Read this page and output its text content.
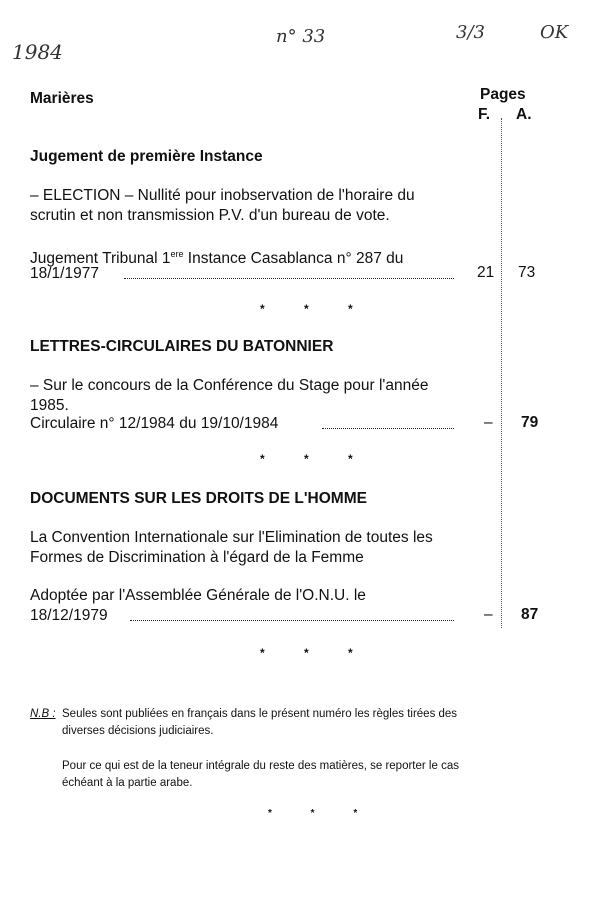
1984
n° 33	3/3	OK
Marières	Pages
F. A.
Jugement de première Instance
– ELECTION – Nullité pour inobservation de l'horaire du
scrutin et non transmission P.V. d'un bureau de vote.
Jugement Tribunal 1ere Instance Casablanca n° 287 du
18/1/1977	21 73
* * *
LETTRES-CIRCULAIRES DU BATONNIER
– Sur le concours de la Conférence du Stage pour l'année
1985.
Circulaire n° 12/1984 du 19/10/1984	– 79
* * *
DOCUMENTS SUR LES DROITS DE L'HOMME
La Convention Internationale sur l'Elimination de toutes les
Formes de Discrimination à l'égard de la Femme
Adoptée par l'Assemblée Générale de l'O.N.U. le
18/12/1979	– 87
* * *
N.B : Seules sont publiées en français dans le présent numéro les règles tirées des
diverses décisions judiciaires.
Pour ce qui est de la teneur intégrale du reste des matières, se reporter le cas
échéant à la partie arabe.
* * *
